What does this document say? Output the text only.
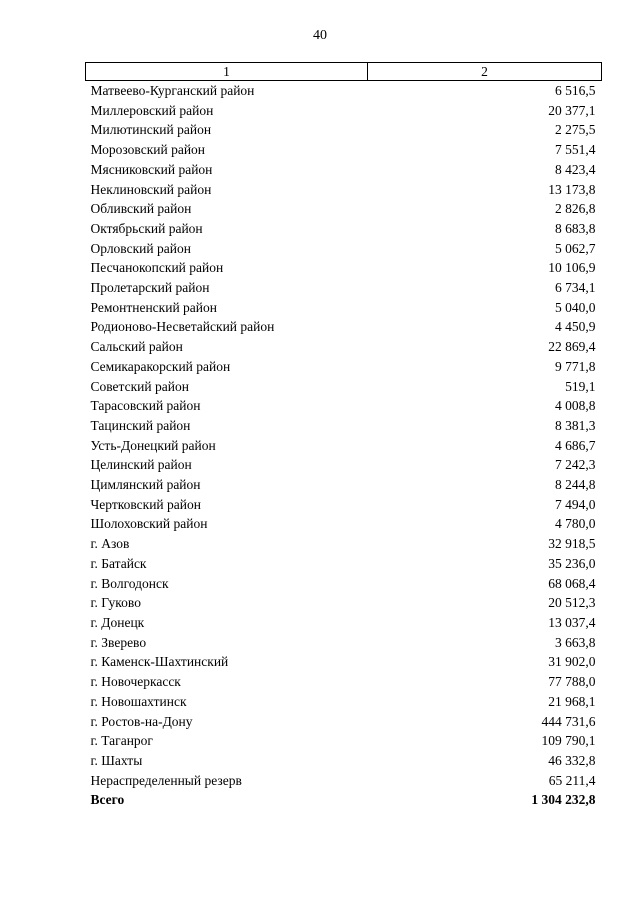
40
1	2
Матвеево-Курганский район	6 516,5
Миллеровский район	20 377,1
Милютинский район	2 275,5
Морозовский район	7 551,4
Мясниковский район	8 423,4
Неклиновский район	13 173,8
Обливский район	2 826,8
Октябрьский район	8 683,8
Орловский район	5 062,7
Песчанокопский район	10 106,9
Пролетарский район	6 734,1
Ремонтненский район	5 040,0
Родионово-Несветайский район	4 450,9
Сальский район	22 869,4
Семикаракорский район	9 771,8
Советский район	519,1
Тарасовский район	4 008,8
Тацинский район	8 381,3
Усть-Донецкий район	4 686,7
Целинский район	7 242,3
Цимлянский район	8 244,8
Чертковский район	7 494,0
Шолоховский район	4 780,0
г. Азов	32 918,5
г. Батайск	35 236,0
г. Волгодонск	68 068,4
г. Гуково	20 512,3
г. Донецк	13 037,4
г. Зверево	3 663,8
г. Каменск-Шахтинский	31 902,0
г. Новочеркасск	77 788,0
г. Новошахтинск	21 968,1
г. Ростов-на-Дону	444 731,6
г. Таганрог	109 790,1
г. Шахты	46 332,8
Нераспределенный резерв	65 211,4
Всего	1 304 232,8
